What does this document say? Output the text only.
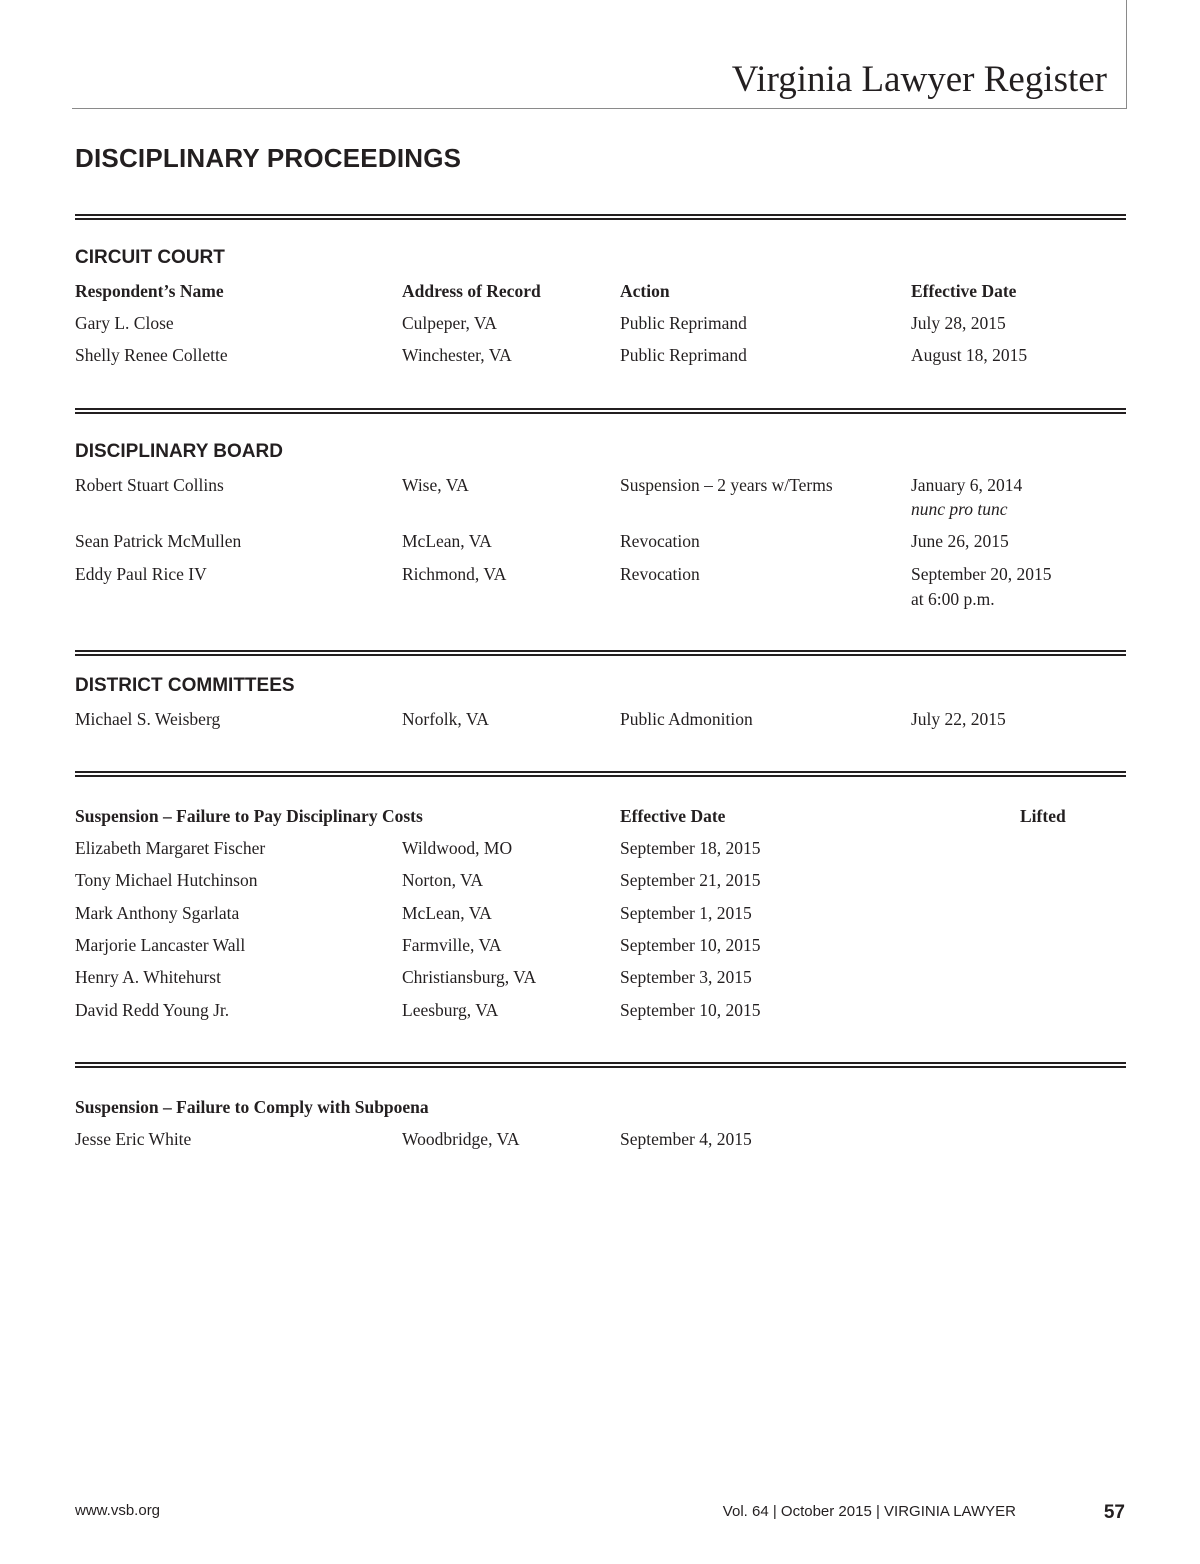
Virginia Lawyer Register
DISCIPLINARY PROCEEDINGS
CIRCUIT COURT
Respondent’s Name	Address of Record	Action	Effective Date
Gary L. Close	Culpeper, VA	Public Reprimand	July 28, 2015
Shelly Renee Collette	Winchester, VA	Public Reprimand	August 18, 2015
DISCIPLINARY BOARD
Robert Stuart Collins	Wise, VA	Suspension – 2 years w/Terms	January 6, 2014
nunc pro tunc
Sean Patrick McMullen	McLean, VA	Revocation	June 26, 2015
Eddy Paul Rice IV	Richmond, VA	Revocation	September 20, 2015
at 6:00 p.m.
DISTRICT COMMITTEES
Michael S. Weisberg	Norfolk, VA	Public Admonition	July 22, 2015
Suspension – Failure to Pay Disciplinary Costs	Effective Date	Lifted
Elizabeth Margaret Fischer	Wildwood, MO	September 18, 2015
Tony Michael Hutchinson	Norton, VA	September 21, 2015
Mark Anthony Sgarlata	McLean, VA	September 1, 2015
Marjorie Lancaster Wall	Farmville, VA	September 10, 2015
Henry A. Whitehurst	Christiansburg, VA	September 3, 2015
David Redd Young Jr.	Leesburg, VA	September 10, 2015
Suspension – Failure to Comply with Subpoena
Jesse Eric White	Woodbridge, VA	September 4, 2015
www.vsb.org	Vol. 64 | October 2015 | VIRGINIA LAWYER	57
